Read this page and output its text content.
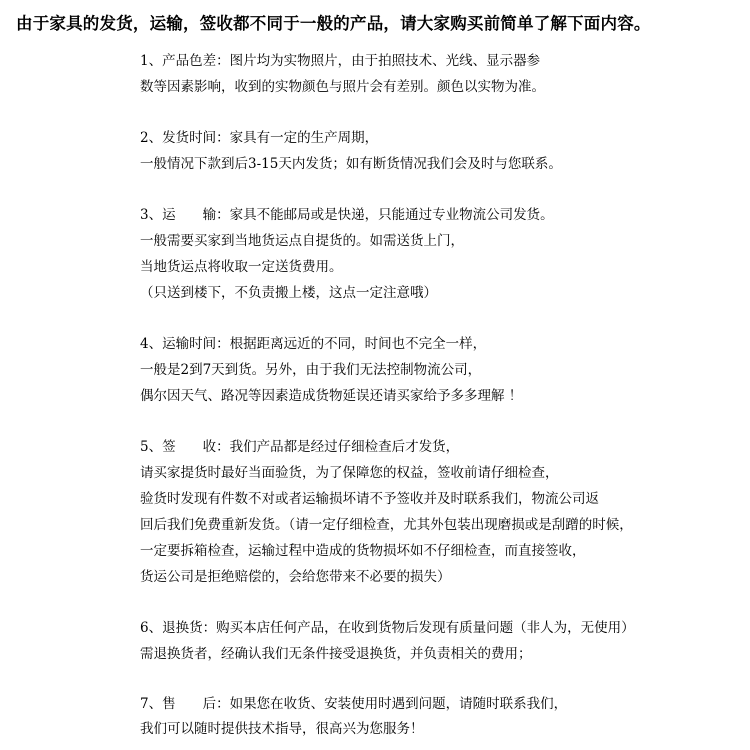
由于家具的发货，运输，签收都不同于一般的产品，请大家购买前简单了解下面内容。
1、产品色差：图片均为实物照片，由于拍照技术、光线、显示器参
数等因素影响，收到的实物颜色与照片会有差别。颜色以实物为准。
2、发货时间：家具有一定的生产周期，
一般情况下款到后3-15天内发货；如有断货情况我们会及时与您联系。
3、运　　输：家具不能邮局或是快递，只能通过专业物流公司发货。
一般需要买家到当地货运点自提货的。如需送货上门，
当地货运点将收取一定送货费用。
（只送到楼下，不负责搬上楼，这点一定注意哦）
4、运输时间：根据距离远近的不同，时间也不完全一样，
一般是2到7天到货。另外，由于我们无法控制物流公司，
偶尔因天气、路况等因素造成货物延误还请买家给予多多理解 ！
5、签　　收：我们产品都是经过仔细检查后才发货，
请买家提货时最好当面验货，为了保障您的权益，签收前请仔细检查，
验货时发现有件数不对或者运输损坏请不予签收并及时联系我们，物流公司返
回后我们免费重新发货。（请一定仔细检查，尤其外包装出现磨损或是刮蹭的时候，
一定要拆箱检查，运输过程中造成的货物损坏如不仔细检查，而直接签收，
货运公司是拒绝赔偿的，会给您带来不必要的损失）
6、退换货：购买本店任何产品，在收到货物后发现有质量问题（非人为，无使用）
需退换货者，经确认我们无条件接受退换货，并负责相关的费用；
7、售　　后：如果您在收货、安装使用时遇到问题，请随时联系我们，
我们可以随时提供技术指导，很高兴为您服务！
